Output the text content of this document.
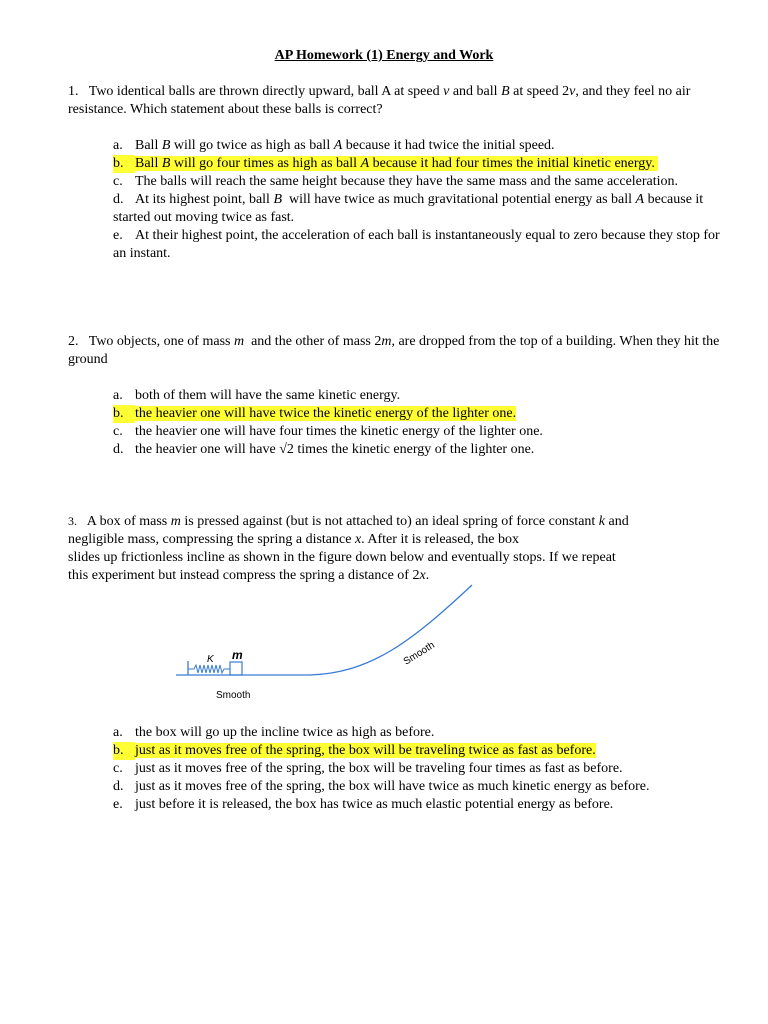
AP Homework (1) Energy and Work

1. Two identical balls are thrown directly upward, ball A at speed v and ball B at speed 2v, and they feel no air resistance. Which statement about these balls is correct?

a. Ball B will go twice as high as ball A because it had twice the initial speed.
b. Ball B will go four times as high as ball A because it had four times the initial kinetic energy.
c. The balls will reach the same height because they have the same mass and the same acceleration.
d. At its highest point, ball B  will have twice as much gravitational potential energy as ball A because it started out moving twice as fast.
e. At their highest point, the acceleration of each ball is instantaneously equal to zero because they stop for an instant.

2. Two objects, one of mass m  and the other of mass 2m, are dropped from the top of a building. When they hit the ground

a. both of them will have the same kinetic energy.
b. the heavier one will have twice the kinetic energy of the lighter one.
c. the heavier one will have four times the kinetic energy of the lighter one.
d. the heavier one will have √2 times the kinetic energy of the lighter one.

3. A box of mass m is pressed against (but is not attached to) an ideal spring of force constant k and
negligible mass, compressing the spring a distance x. After it is released, the box
slides up frictionless incline as shown in the figure down below and eventually stops. If we repeat
this experiment but instead compress the spring a distance of 2x.

a. the box will go up the incline twice as high as before.
b. just as it moves free of the spring, the box will be traveling twice as fast as before.
c. just as it moves free of the spring, the box will be traveling four times as fast as before.
d. just as it moves free of the spring, the box will have twice as much kinetic energy as before.
e. just before it is released, the box has twice as much elastic potential energy as before.
K m
Smooth
Smooth
